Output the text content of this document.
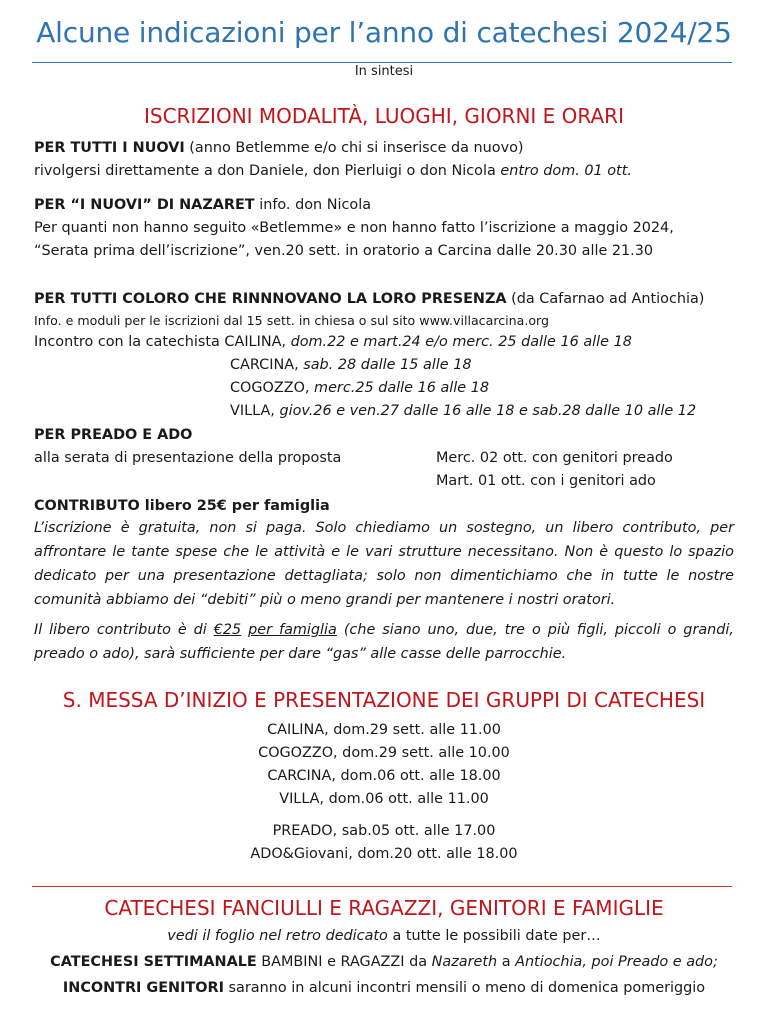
Alcune indicazioni per l’anno di catechesi 2024/25
In sintesi
ISCRIZIONI MODALITÀ, LUOGHI, GIORNI E ORARI
PER TUTTI I NUOVI (anno Betlemme e/o chi si inserisce da nuovo)
rivolgersi direttamente a don Daniele, don Pierluigi o don Nicola entro dom. 01 ott.
PER “I NUOVI” DI NAZARET info. don Nicola
Per quanti non hanno seguito «Betlemme» e non hanno fatto l’iscrizione a maggio 2024,
“Serata prima dell’iscrizione”, ven.20 sett. in oratorio a Carcina dalle 20.30 alle 21.30
PER TUTTI COLORO CHE RINNNOVANO LA LORO PRESENZA (da Cafarnao ad Antiochia)
Info. e moduli per le iscrizioni dal 15 sett. in chiesa o sul sito www.villacarcina.org
Incontro con la catechista CAILINA, dom.22 e mart.24 e/o merc. 25 dalle 16 alle 18
CARCINA, sab. 28 dalle 15 alle 18
COGOZZO, merc.25 dalle 16 alle 18
VILLA, giov.26 e ven.27 dalle 16 alle 18 e sab.28 dalle 10 alle 12
PER PREADO E ADO
alla serata di presentazione della proposta	Merc. 02 ott. con genitori preado
Mart. 01 ott. con i genitori ado
CONTRIBUTO libero 25€ per famiglia
L’iscrizione è gratuita, non si paga. Solo chiediamo un sostegno, un libero contributo, per affrontare le tante spese che le attività e le vari strutture necessitano. Non è questo lo spazio dedicato per una presentazione dettagliata; solo non dimentichiamo che in tutte le nostre comunità abbiamo dei “debiti” più o meno grandi per mantenere i nostri oratori.
Il libero contributo è di €25 per famiglia (che siano uno, due, tre o più figli, piccoli o grandi, preado o ado), sarà sufficiente per dare “gas” alle casse delle parrocchie.
S. MESSA D’INIZIO E PRESENTAZIONE DEI GRUPPI DI CATECHESI
CAILINA, dom.29 sett. alle 11.00
COGOZZO, dom.29 sett. alle 10.00
CARCINA, dom.06 ott. alle 18.00
VILLA, dom.06 ott. alle 11.00
PREADO, sab.05 ott. alle 17.00
ADO&Giovani, dom.20 ott. alle 18.00
CATECHESI FANCIULLI E RAGAZZI, GENITORI E FAMIGLIE
vedi il foglio nel retro dedicato a tutte le possibili date per…
CATECHESI SETTIMANALE BAMBINI e RAGAZZI da Nazareth a Antiochia, poi Preado e ado;
INCONTRI GENITORI saranno in alcuni incontri mensili o meno di domenica pomeriggio
